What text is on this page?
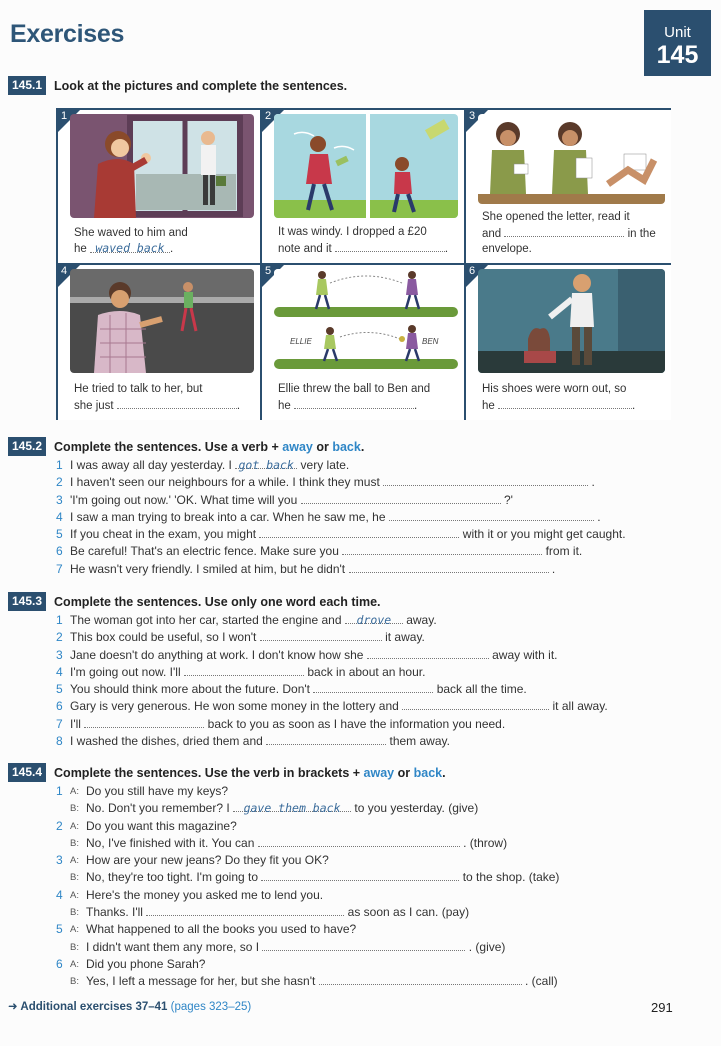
Exercises	Unit
145
145.1 Look at the pictures and complete the sentences.
1
She waved to him and
he waved back .
2
It was windy. I dropped a £20
note and it	.
3
She opened the letter, read it
and	in the
envelope.
4
He tried to talk to her, but
she just	.
5
ELLIE	BEN
Ellie threw the ball to Ben and
he	.
6
His shoes were worn out, so
he	.
145.2 Complete the sentences. Use a verb + away or back.
1 I was away all day yesterday. I got back very late.
2 I haven't seen our neighbours for a while. I think they must	.
3 'I'm going out now.' 'OK. What time will you	?'
4 I saw a man trying to break into a car. When he saw me, he	.
5 If you cheat in the exam, you might	with it or you might get caught.
6 Be careful! That's an electric fence. Make sure you	from it.
7 He wasn't very friendly. I smiled at him, but he didn't	.
145.3 Complete the sentences. Use only one word each time.
1 The woman got into her car, started the engine and drove away.
2 This box could be useful, so I won't	it away.
3 Jane doesn't do anything at work. I don't know how she	away with it.
4 I'm going out now. I'll	back in about an hour.
5 You should think more about the future. Don't	back all the time.
6 Gary is very generous. He won some money in the lottery and	it all away.
7 I'll	back to you as soon as I have the information you need.
8 I washed the dishes, dried them and	them away.
145.4 Complete the sentences. Use the verb in brackets + away or back.
1 A: Do you still have my keys?
B: No. Don't you remember? I gave them back to you yesterday. (give)
2 A: Do you want this magazine?
B: No, I've finished with it. You can	. (throw)
3 A: How are your new jeans? Do they fit you OK?
B: No, they're too tight. I'm going to	to the shop. (take)
4 A: Here's the money you asked me to lend you.
B: Thanks. I'll	as soon as I can. (pay)
5 A: What happened to all the books you used to have?
B: I didn't want them any more, so I	. (give)
6 A: Did you phone Sarah?
B: Yes, I left a message for her, but she hasn't	. (call)
➜ Additional exercises 37–41 (pages 323–25)	291
